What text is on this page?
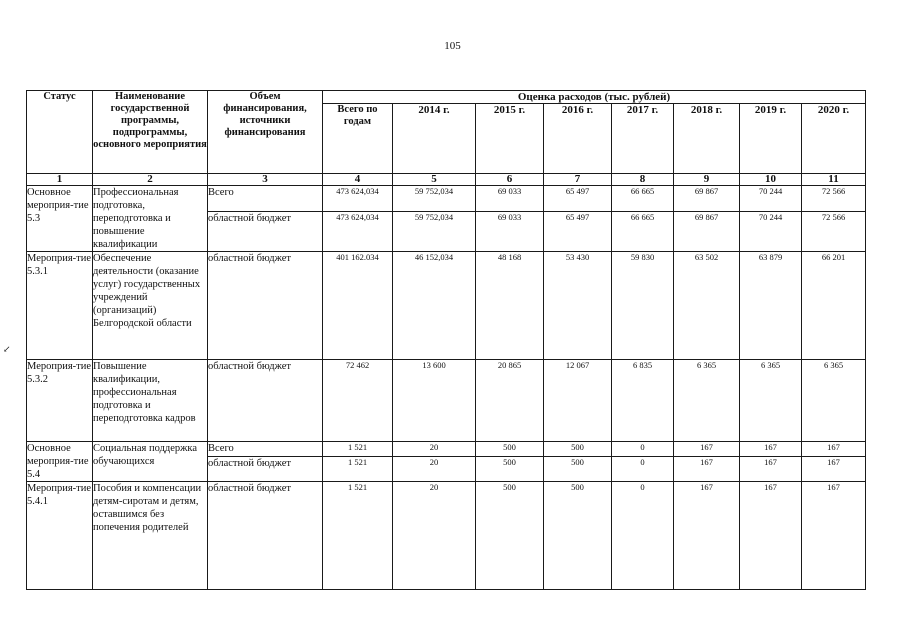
105
↙
Статус	Наименование государственной программы, подпрограммы, основного мероприятия	Объем финансирования, источники финансирования	Оценка расходов (тыс. рублей)							
			Всего по годам	2014 г.	2015 г.	2016 г.	2017 г.	2018 г.	2019 г.	2020 г.
1	2	3	4	5	6	7	8	9	10	11
Основное мероприя-тие 5.3	Профессиональная подготовка, переподготовка и повышение квалификации	Всего	473 624,034	59 752,034	69 033	65 497	66 665	69 867	70 244	72 566
		областной бюджет	473 624,034	59 752,034	69 033	65 497	66 665	69 867	70 244	72 566
Мероприя-тие 5.3.1	Обеспечение деятельности (оказание услуг) государственных учреждений (организаций) Белгородской области	областной бюджет	401 162.034	46 152,034	48 168	53 430	59 830	63 502	63 879	66 201
Мероприя-тие 5.3.2	Повышение квалификации, профессиональная подготовка и переподготовка кадров	областной бюджет	72 462	13 600	20 865	12 067	6 835	6 365	6 365	6 365
Основное мероприя-тие 5.4	Социальная поддержка обучающихся	Всего	1 521	20	500	500	0	167	167	167
		областной бюджет	1 521	20	500	500	0	167	167	167
Мероприя-тие 5.4.1	Пособия и компенсации детям-сиротам и детям, оставшимся без попечения родителей	областной бюджет	1 521	20	500	500	0	167	167	167
